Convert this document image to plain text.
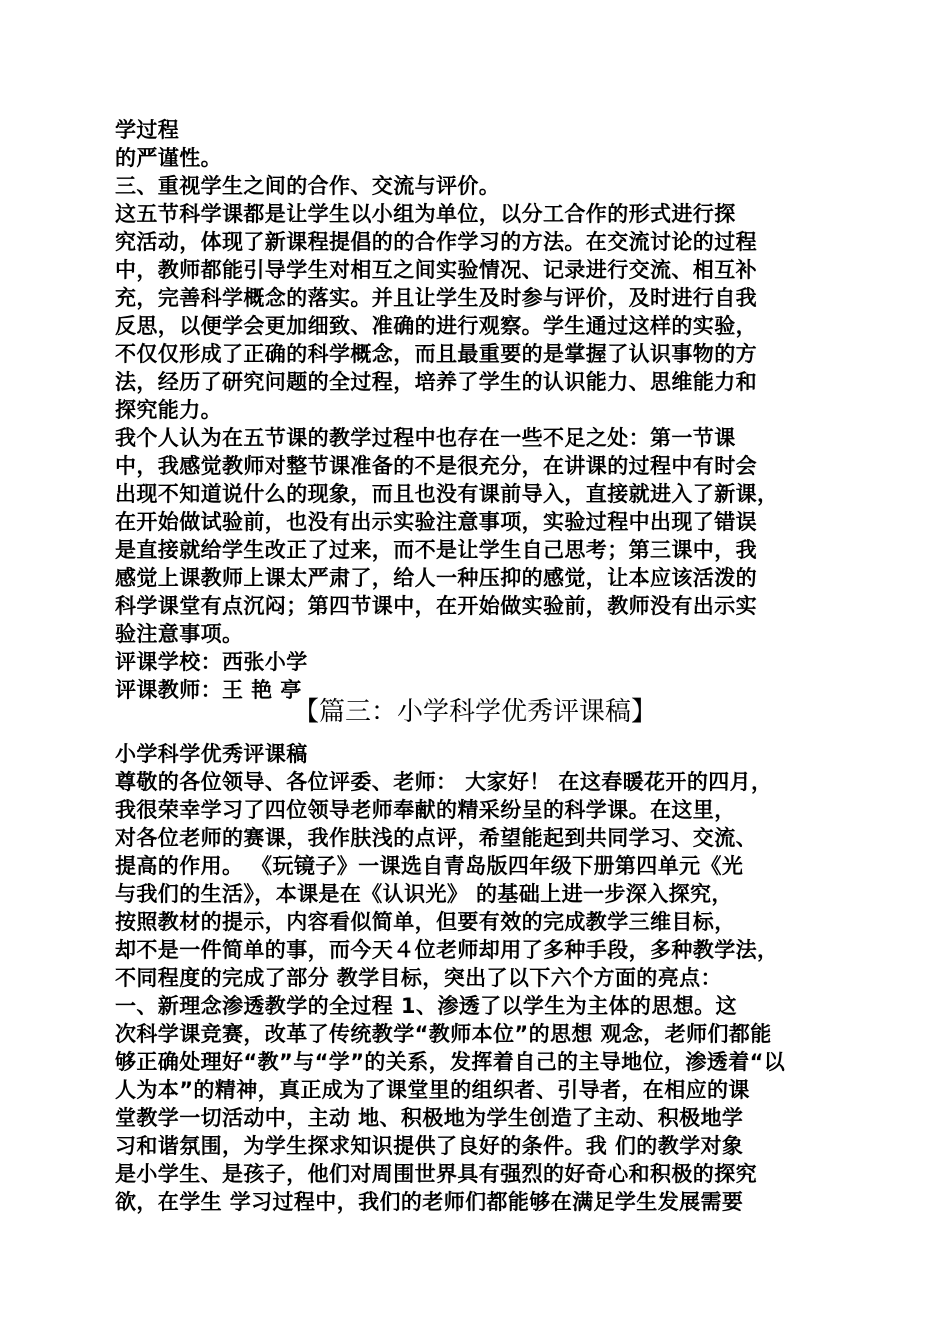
学过程
的严谨性。
三、重视学生之间的合作、交流与评价。
这五节科学课都是让学生以小组为单位，以分工合作的形式进行探
究活动，体现了新课程提倡的的合作学习的方法。在交流讨论的过程
中，教师都能引导学生对相互之间实验情况、记录进行交流、相互补
充，完善科学概念的落实。并且让学生及时参与评价，及时进行自我
反思，以便学会更加细致、准确的进行观察。学生通过这样的实验，
不仅仅形成了正确的科学概念，而且最重要的是掌握了认识事物的方
法，经历了研究问题的全过程，培养了学生的认识能力、思维能力和
探究能力。
我个人认为在五节课的教学过程中也存在一些不足之处：第一节课
中，我感觉教师对整节课准备的不是很充分，在讲课的过程中有时会
出现不知道说什么的现象，而且也没有课前导入，直接就进入了新课，
在开始做试验前，也没有出示实验注意事项，实验过程中出现了错误
是直接就给学生改正了过来，而不是让学生自己思考；第三课中，我
感觉上课教师上课太严肃了，给人一种压抑的感觉，让本应该活泼的
科学课堂有点沉闷；第四节课中，在开始做实验前，教师没有出示实
验注意事项。
评课学校：西张小学
评课教师：王 艳 亭
【篇三：小学科学优秀评课稿】
小学科学优秀评课稿
尊敬的各位领导、各位评委、老师： 大家好！ 在这春暖花开的四月，
我很荣幸学习了四位领导老师奉献的精采纷呈的科学课。在这里，
对各位老师的赛课，我作肤浅的点评，希望能起到共同学习、交流、
提高的作用。 《玩镜子》一课选自青岛版四年级下册第四单元《光
与我们的生活》，本课是在《认识光》 的基础上进一步深入探究，
按照教材的提示，内容看似简单，但要有效的完成教学三维目标，
却不是一件简单的事，而今天４位老师却用了多种手段，多种教学法，
不同程度的完成了部分 教学目标，突出了以下六个方面的亮点：
一、新理念渗透教学的全过程 1、渗透了以学生为主体的思想。这
次科学课竞赛，改革了传统教学“教师本位”的思想 观念，老师们都能
够正确处理好“教”与“学”的关系，发挥着自己的主导地位，渗透着“以
人为本”的精神，真正成为了课堂里的组织者、引导者，在相应的课
堂教学一切活动中，主动 地、积极地为学生创造了主动、积极地学
习和谐氛围，为学生探求知识提供了良好的条件。我 们的教学对象
是小学生、是孩子，他们对周围世界具有强烈的好奇心和积极的探究
欲，在学生 学习过程中，我们的老师们都能够在满足学生发展需要
